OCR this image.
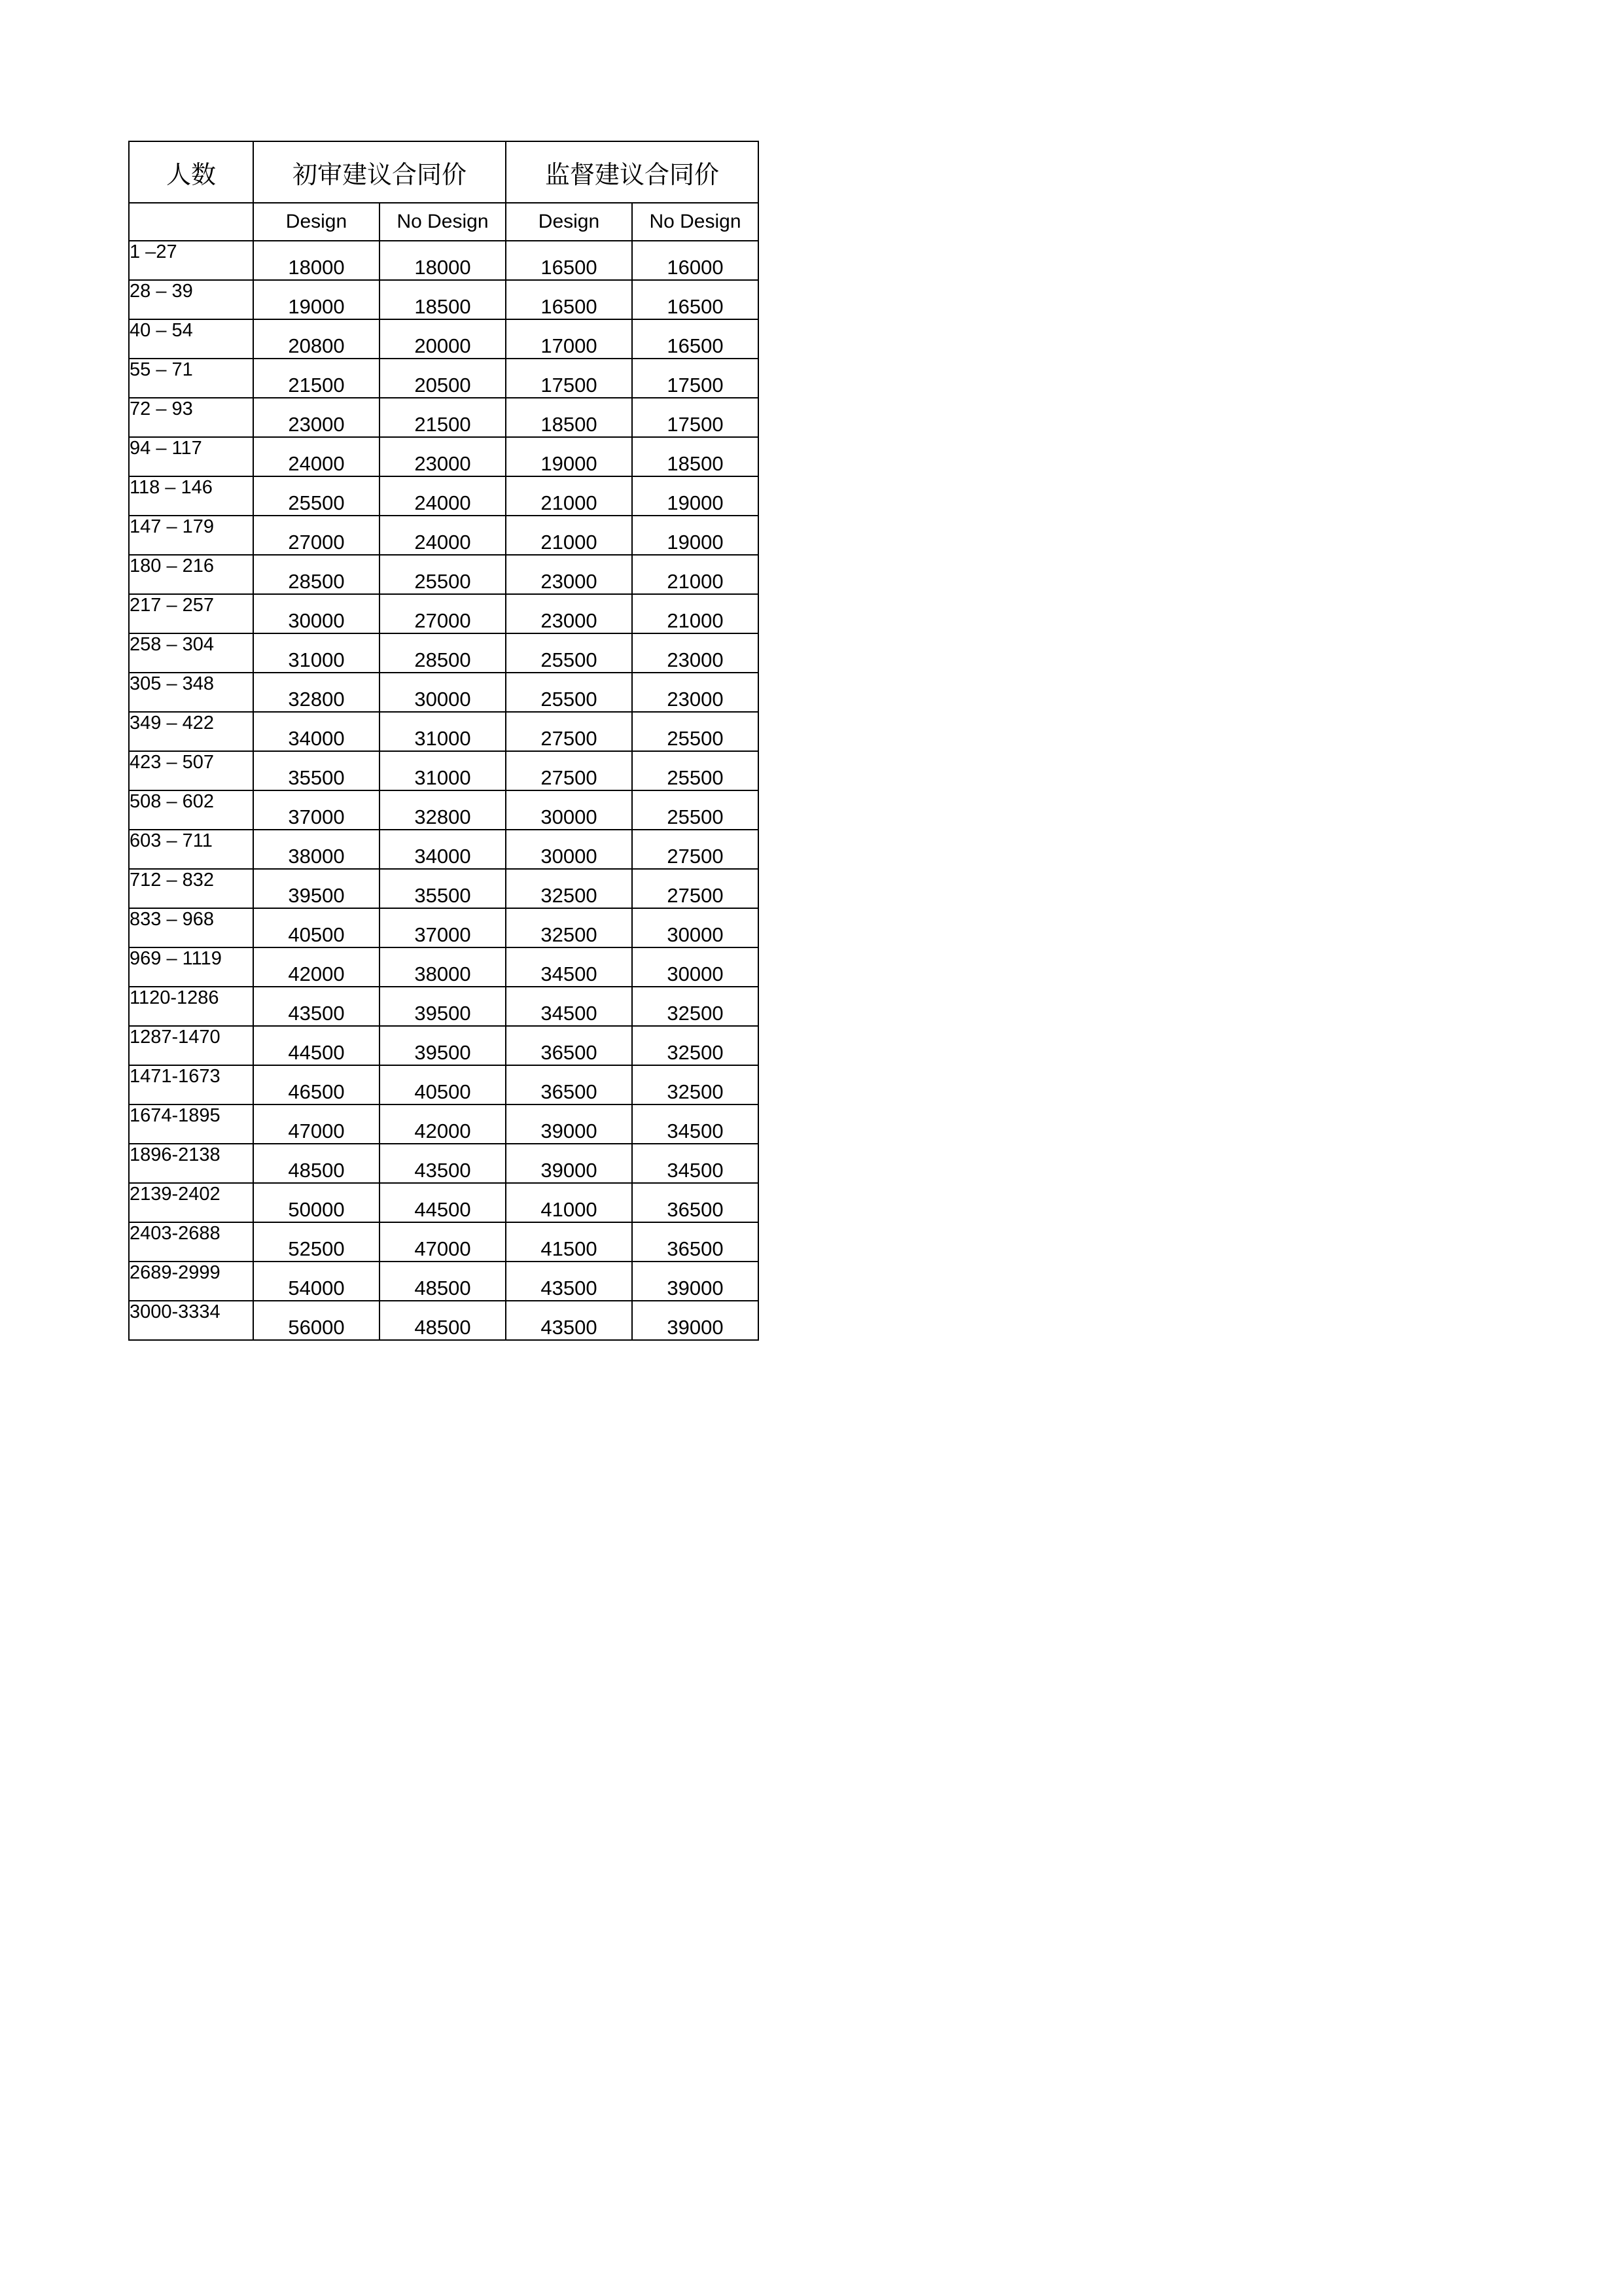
人数	初审建议合同价		监督建议合同价	
	Design	No Design	Design	No Design
1 –27	18000	18000	16500	16000
28 – 39	19000	18500	16500	16500
40 – 54	20800	20000	17000	16500
55 – 71	21500	20500	17500	17500
72 – 93	23000	21500	18500	17500
94 – 117	24000	23000	19000	18500
118 – 146	25500	24000	21000	19000
147 – 179	27000	24000	21000	19000
180 – 216	28500	25500	23000	21000
217 – 257	30000	27000	23000	21000
258 – 304	31000	28500	25500	23000
305 – 348	32800	30000	25500	23000
349 – 422	34000	31000	27500	25500
423 – 507	35500	31000	27500	25500
508 – 602	37000	32800	30000	25500
603 – 711	38000	34000	30000	27500
712 – 832	39500	35500	32500	27500
833 – 968	40500	37000	32500	30000
969 – 1119	42000	38000	34500	30000
1120-1286	43500	39500	34500	32500
1287-1470	44500	39500	36500	32500
1471-1673	46500	40500	36500	32500
1674-1895	47000	42000	39000	34500
1896-2138	48500	43500	39000	34500
2139-2402	50000	44500	41000	36500
2403-2688	52500	47000	41500	36500
2689-2999	54000	48500	43500	39000
3000-3334	56000	48500	43500	39000
